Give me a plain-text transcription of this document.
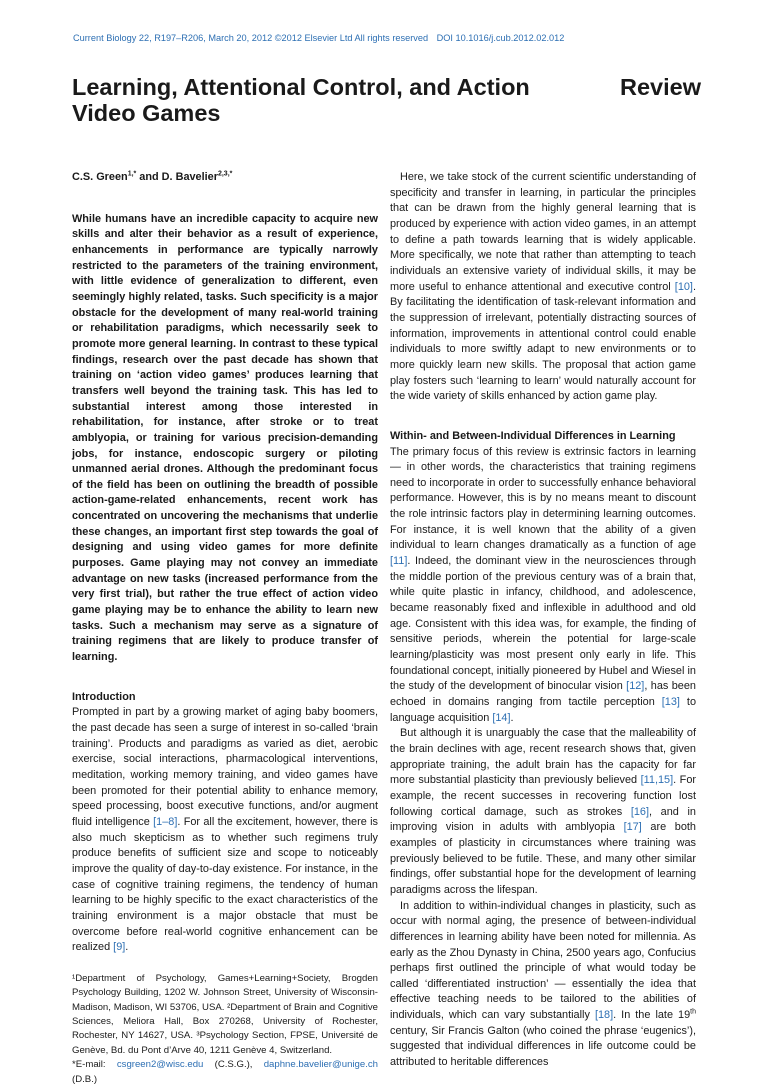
Current Biology 22, R197–R206, March 20, 2012 ©2012 Elsevier Ltd All rights reserved DOI 10.1016/j.cub.2012.02.012
Learning, Attentional Control, and Action Video Games
Review

C.S. Green$^{1,*}$ and D. Bavelier$^{2,3,*}$

While humans have an incredible capacity to acquire new skills and alter their behavior as a result of experience, enhancements in performance are typically narrowly restricted to the parameters of the training environment, with little evidence of generalization to different, even seemingly highly related, tasks. Such specificity is a major obstacle for the development of many real-world training or rehabilitation paradigms, which necessarily seek to promote more general learning. In contrast to these typical findings, research over the past decade has shown that training on ‘action video games’ produces learning that transfers well beyond the training task. This has led to substantial interest among those interested in rehabilitation, for instance, after stroke or to treat amblyopia, or training for various precision-demanding jobs, for instance, endoscopic surgery or piloting unmanned aerial drones. Although the predominant focus of the field has been on outlining the breadth of possible action-game-related enhancements, recent work has concentrated on uncovering the mechanisms that underlie these changes, an important first step towards the goal of designing and using video games for more definite purposes. Game playing may not convey an immediate advantage on new tasks (increased performance from the very first trial), but rather the true effect of action video game playing may be to enhance the ability to learn new tasks. Such a mechanism may serve as a signature of training regimens that are likely to produce transfer of learning.

Introduction

Prompted in part by a growing market of aging baby boomers, the past decade has seen a surge of interest in so-called ‘brain training’. Products and paradigms as varied as diet, aerobic exercise, social interactions, pharmacological interventions, meditation, working memory training, and video games have been promoted for their potential ability to enhance memory, speed processing, boost executive functions, and/or augment fluid intelligence [1–8]. For all the excitement, however, there is also much skepticism as to whether such regimens truly produce benefits of sufficient size and scope to noticeably improve the quality of day-to-day existence. For instance, in the case of cognitive training regimens, the tendency of human learning to be highly specific to the exact characteristics of the training environment is a major obstacle that must be overcome before real-world cognitive enhancement can be realized [9].

¹Department of Psychology, Games+Learning+Society, Brogden Psychology Building, 1202 W. Johnson Street, University of Wisconsin-Madison, Madison, WI 53706, USA. ²Department of Brain and Cognitive Sciences, Meliora Hall, Box 270268, University of Rochester, Rochester, NY 14627, USA. ³Psychology Section, FPSE, Université de Genève, Bd. du Pont d’Arve 40, 1211 Genève 4, Switzerland.
*E-mail: csgreen2@wisc.edu (C.S.G.), daphne.bavelier@unige.ch (D.B.)

Here, we take stock of the current scientific understanding of specificity and transfer in learning, in particular the principles that can be drawn from the highly general learning that is produced by experience with action video games, in an attempt to define a path towards learning that is widely applicable. More specifically, we note that rather than attempting to teach individuals an extensive variety of individual skills, it may be more useful to enhance attentional and executive control [10]. By facilitating the identification of task-relevant information and the suppression of irrelevant, potentially distracting sources of information, improvements in attentional control could enable individuals to more swiftly adapt to new environments or to more quickly learn new skills. The proposal that action game play fosters such ‘learning to learn’ would naturally account for the wide variety of skills enhanced by action game play.

Within- and Between-Individual Differences in Learning

The primary focus of this review is extrinsic factors in learning — in other words, the characteristics that training regimens need to incorporate in order to successfully enhance behavioral performance. However, this is by no means meant to discount the role intrinsic factors play in determining learning outcomes. For instance, it is well known that the ability of a given individual to learn changes dramatically as a function of age [11]. Indeed, the dominant view in the neurosciences through the middle portion of the previous century was of a brain that, while quite plastic in infancy, childhood, and adolescence, became reasonably fixed and inflexible in adulthood and old age. Consistent with this idea was, for example, the finding of sensitive periods, wherein the potential for large-scale learning/plasticity was most present only early in life. This foundational concept, initially pioneered by Hubel and Wiesel in the study of the development of binocular vision [12], has been echoed in domains ranging from tactile perception [13] to language acquisition [14].

But although it is unarguably the case that the malleability of the brain declines with age, recent research shows that, given appropriate training, the adult brain has the capacity for far more substantial plasticity than previously believed [11,15]. For example, the recent successes in recovering function lost following cortical damage, such as strokes [16], and in improving vision in adults with amblyopia [17] are both examples of plasticity in circumstances where training was previously believed to be futile. These, and many other similar findings, offer substantial hope for the development of learning paradigms across the lifespan.

In addition to within-individual changes in plasticity, such as occur with normal aging, the presence of between-individual differences in learning ability have been noted for millennia. As early as the Zhou Dynasty in China, 2500 years ago, Confucius perhaps first outlined the principle of what would today be called ‘differentiated instruction’ — essentially the idea that effective teaching needs to be tailored to the abilities of individuals, which can vary substantially [18]. In the late 19th century, Sir Francis Galton (who coined the phrase ‘eugenics’), suggested that individual differences in life outcome could be attributed to heritable differences
